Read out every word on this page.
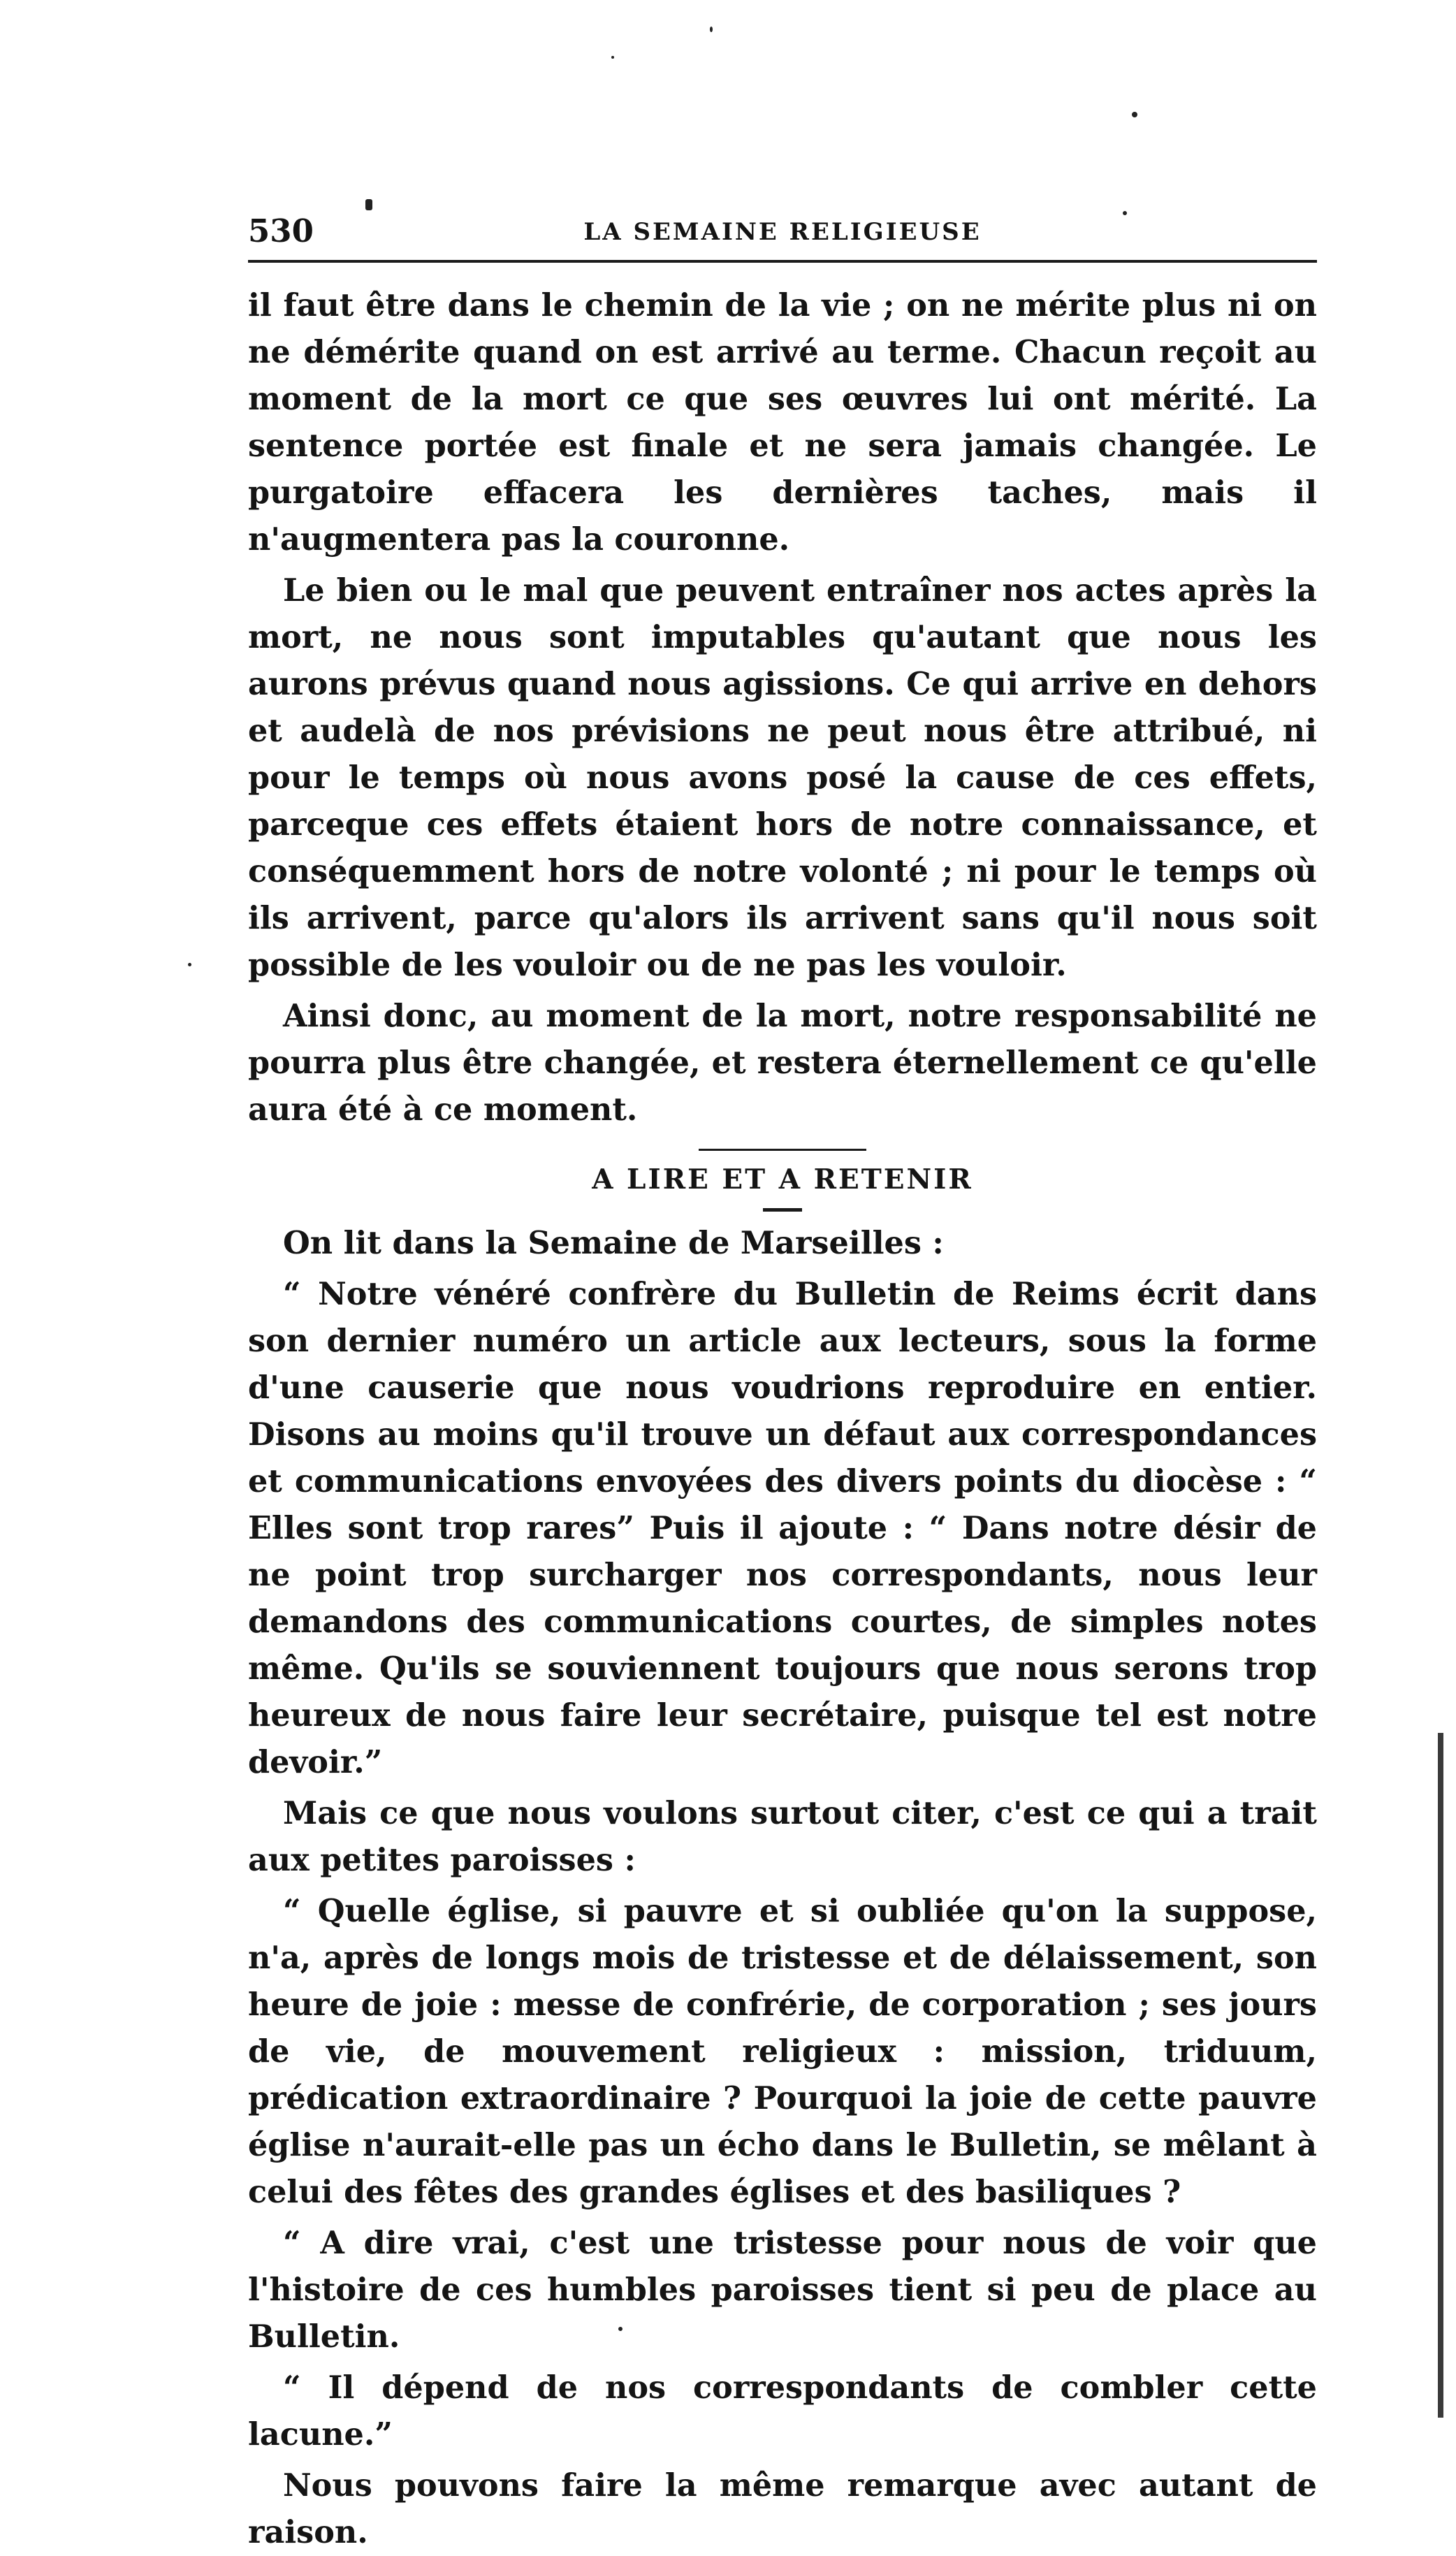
530	LA SEMAINE RELIGIEUSE

il faut être dans le chemin de la vie ; on ne mérite plus ni on ne démérite quand on est arrivé au terme. Chacun reçoit au moment de la mort ce que ses œuvres lui ont mérité. La sentence portée est finale et ne sera jamais changée. Le purgatoire effacera les dernières taches, mais il n'augmentera pas la couronne.

Le bien ou le mal que peuvent entraîner nos actes après la mort, ne nous sont imputables qu'autant que nous les aurons prévus quand nous agissions. Ce qui arrive en dehors et audelà de nos prévisions ne peut nous être attribué, ni pour le temps où nous avons posé la cause de ces effets, parceque ces effets étaient hors de notre connaissance, et conséquemment hors de notre volonté ; ni pour le temps où ils arrivent, parce qu'alors ils arrivent sans qu'il nous soit possible de les vouloir ou de ne pas les vouloir.

Ainsi donc, au moment de la mort, notre responsabilité ne pourra plus être changée, et restera éternellement ce qu'elle aura été à ce moment.

A LIRE ET A RETENIR

On lit dans la Semaine de Marseilles :

“ Notre vénéré confrère du Bulletin de Reims écrit dans son dernier numéro un article aux lecteurs, sous la forme d'une causerie que nous voudrions reproduire en entier. Disons au moins qu'il trouve un défaut aux correspondances et communications envoyées des divers points du diocèse : “ Elles sont trop rares” Puis il ajoute : “ Dans notre désir de ne point trop surcharger nos correspondants, nous leur demandons des communications courtes, de simples notes même. Qu'ils se souviennent toujours que nous serons trop heureux de nous faire leur secrétaire, puisque tel est notre devoir.”

Mais ce que nous voulons surtout citer, c'est ce qui a trait aux petites paroisses :

“ Quelle église, si pauvre et si oubliée qu'on la suppose, n'a, après de longs mois de tristesse et de délaissement, son heure de joie : messe de confrérie, de corporation ; ses jours de vie, de mouvement religieux : mission, triduum, prédication extraordinaire ? Pourquoi la joie de cette pauvre église n'aurait-elle pas un écho dans le Bulletin, se mêlant à celui des fêtes des grandes églises et des basiliques ?

“ A dire vrai, c'est une tristesse pour nous de voir que l'histoire de ces humbles paroisses tient si peu de place au Bulletin.

“ Il dépend de nos correspondants de combler cette lacune.”

Nous pouvons faire la même remarque avec autant de raison.
